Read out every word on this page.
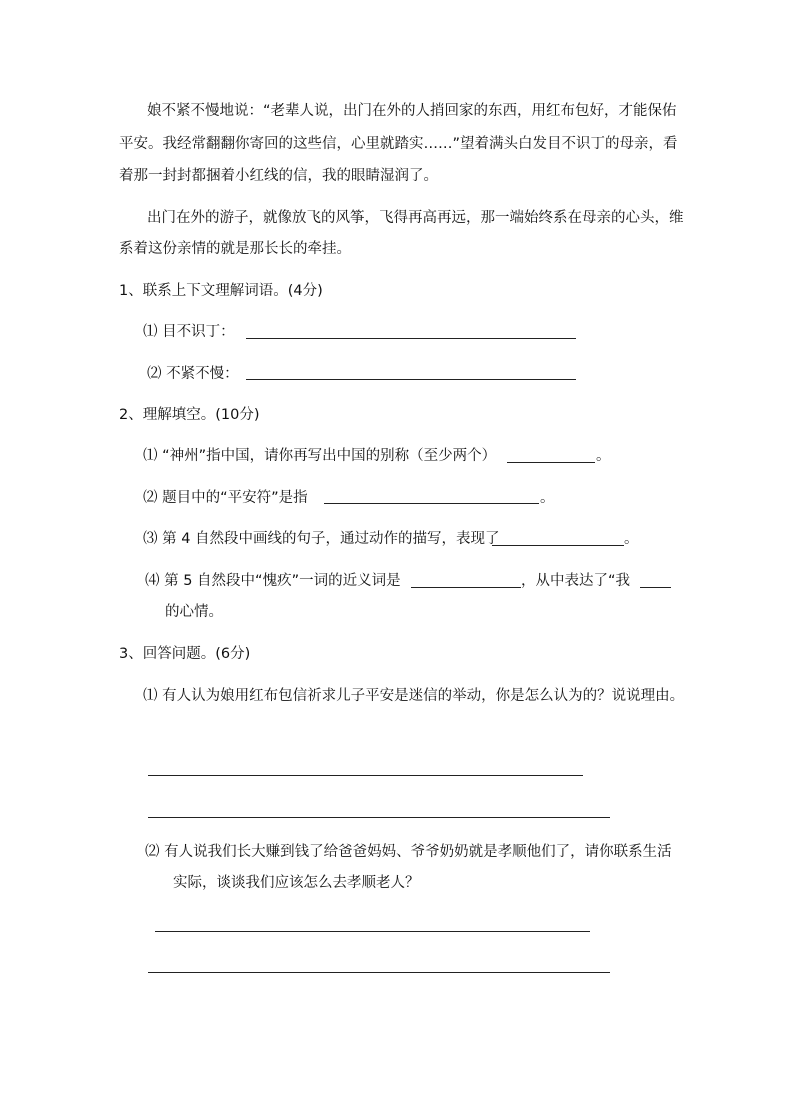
娘不紧不慢地说：“老辈人说，出门在外的人捎回家的东西，用红布包好，才能保佑
平安。我经常翻翻你寄回的这些信，心里就踏实……”望着满头白发目不识丁的母亲，看
着那一封封都捆着小红线的信，我的眼睛湿润了。
出门在外的游子，就像放飞的风筝，飞得再高再远，那一端始终系在母亲的心头，维
系着这份亲情的就是那长长的牵挂。
1、联系上下文理解词语。(4分)
⑴ 目不识丁：
⑵ 不紧不慢：
2、理解填空。(10分)
⑴ “神州”指中国，请你再写出中国的别称（至少两个）	。
⑵ 题目中的“平安符”是指	。
⑶ 第 4 自然段中画线的句子，通过动作的描写，表现了	。
⑷ 第 5 自然段中“愧疚”一词的近义词是	，从中表达了“我
的心情。
3、回答问题。(6分)
⑴ 有人认为娘用红布包信祈求儿子平安是迷信的举动，你是怎么认为的？说说理由。
⑵ 有人说我们长大赚到钱了给爸爸妈妈、爷爷奶奶就是孝顺他们了，请你联系生活
实际，谈谈我们应该怎么去孝顺老人？
